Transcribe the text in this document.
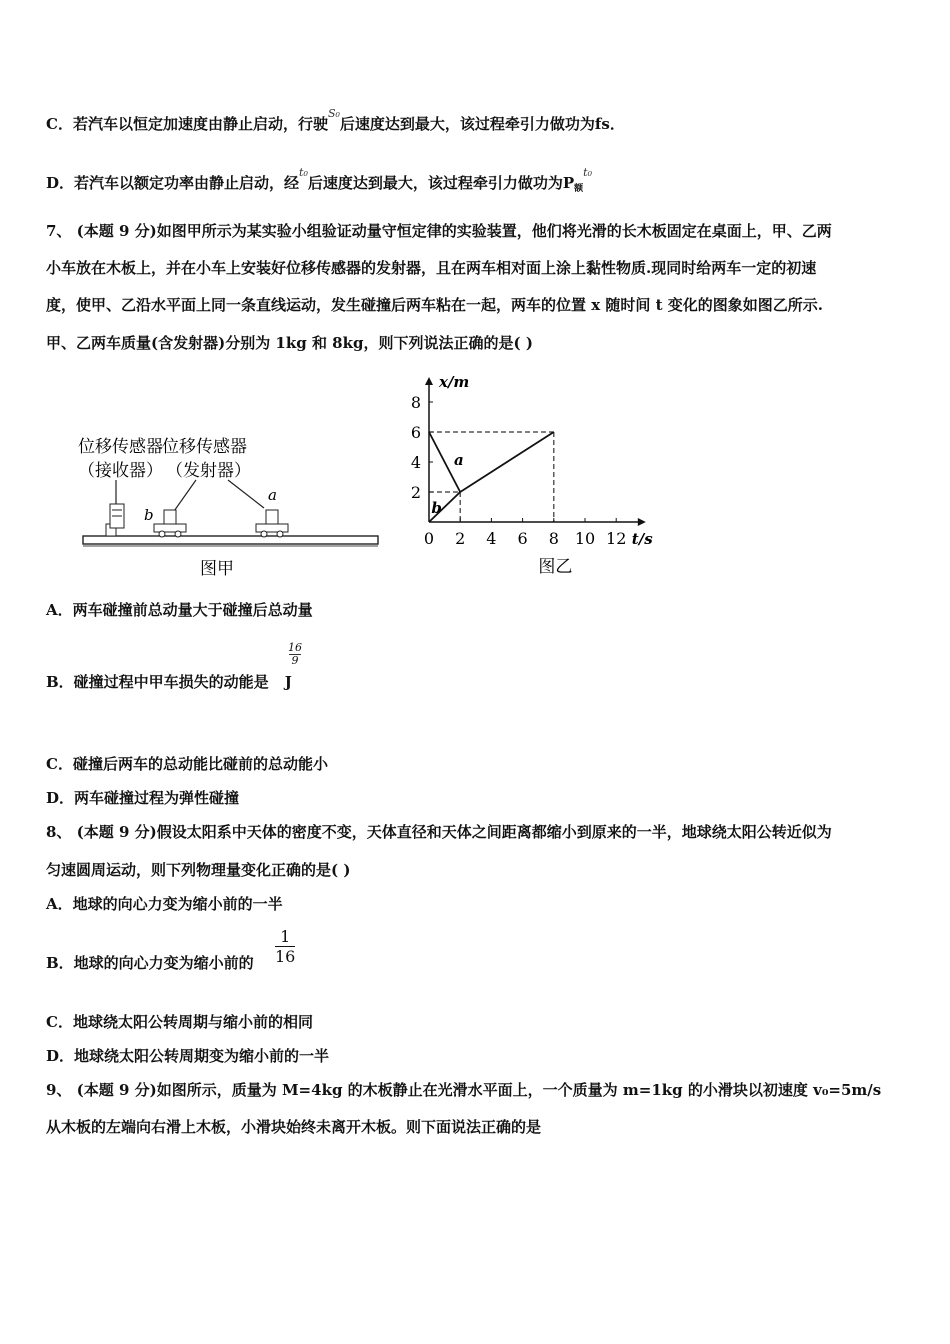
C．若汽车以恒定加速度由静止启动，行驶$^{S_0}$后速度达到最大，该过程牵引力做功为fs．
D．若汽车以额定功率由静止启动，经$^{t_0}$后速度达到最大，该过程牵引力做功为$P_额^{t_0}$
7、 (本题 9 分)如图甲所示为某实验小组验证动量守恒定律的实验装置，他们将光滑的长木板固定在桌面上，甲、乙两
小车放在木板上，并在小车上安装好位移传感器的发射器，且在两车相对面上涂上黏性物质.现同时给两车一定的初速
度，使甲、乙沿水平面上同一条直线运动，发生碰撞后两车粘在一起，两车的位置 x 随时间 t 变化的图象如图乙所示.
甲、乙两车质量(含发射器)分别为 1kg 和 8kg，则下列说法正确的是( )
位移传感器
（接收器）
位移传感器
（发射器）
b
a
图甲
a
b
x/m
t/s
0 2 4 6 8 10 12
2
4
6
8
图乙
A．两车碰撞前总动量大于碰撞后总动量
B．碰撞过程中甲车损失的动能是 J
16
9
C．碰撞后两车的总动能比碰前的总动能小
D．两车碰撞过程为弹性碰撞
8、 (本题 9 分)假设太阳系中天体的密度不变，天体直径和天体之间距离都缩小到原来的一半，地球绕太阳公转近似为
匀速圆周运动，则下列物理量变化正确的是( )
A．地球的向心力变为缩小前的一半
B．地球的向心力变为缩小前的
1
16
C．地球绕太阳公转周期与缩小前的相同
D．地球绕太阳公转周期变为缩小前的一半
9、 (本题 9 分)如图所示，质量为 M=4kg 的木板静止在光滑水平面上，一个质量为 m=1kg 的小滑块以初速度 v₀=5m/s
从木板的左端向右滑上木板，小滑块始终未离开木板。则下面说法正确的是
